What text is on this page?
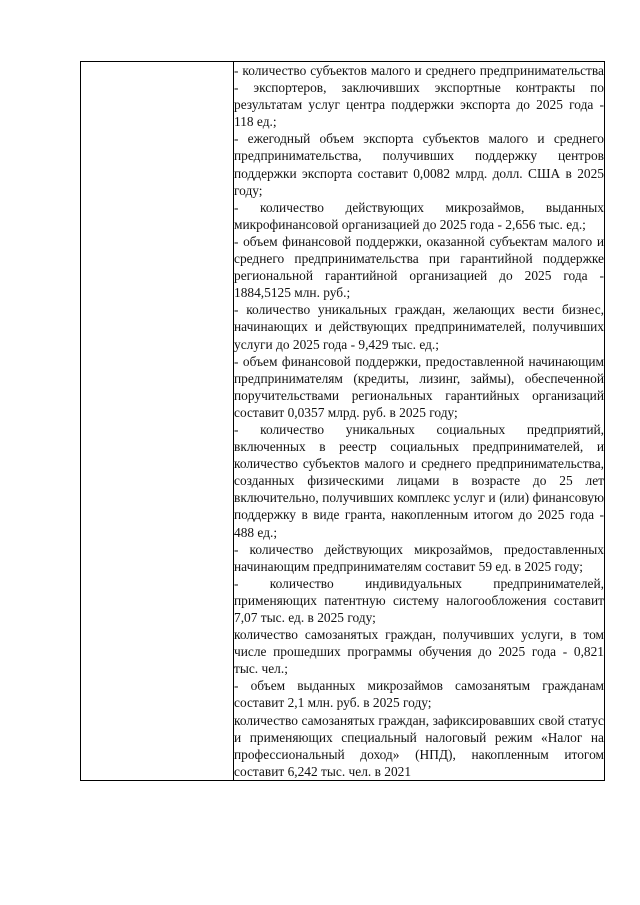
- количество субъектов малого и среднего предпринимательства - экспортеров, заключивших экспортные контракты по результатам услуг центра поддержки экспорта до 2025 года - 118 ед.;

- ежегодный объем экспорта субъектов малого и среднего предпринимательства, получивших поддержку центров поддержки экспорта составит 0,0082 млрд. долл. США в 2025 году;

- количество действующих микрозаймов, выданных микрофинансовой организацией до 2025 года - 2,656 тыс. ед.;

- объем финансовой поддержки, оказанной субъектам малого и среднего предпринимательства при гарантийной поддержке региональной гарантийной организацией до 2025 года - 1884,5125 млн. руб.;

- количество уникальных граждан, желающих вести бизнес, начинающих и действующих предпринимателей, получивших услуги до 2025 года - 9,429 тыс. ед.;

- объем финансовой поддержки, предоставленной начинающим предпринимателям (кредиты, лизинг, займы), обеспеченной поручительствами региональных гарантийных организаций составит 0,0357 млрд. руб. в 2025 году;

- количество уникальных социальных предприятий, включенных в реестр социальных предпринимателей, и количество субъектов малого и среднего предпринимательства, созданных физическими лицами в возрасте до 25 лет включительно, получивших комплекс услуг и (или) финансовую поддержку в виде гранта, накопленным итогом до 2025 года - 488 ед.;

- количество действующих микрозаймов, предоставленных начинающим предпринимателям составит 59 ед. в 2025 году;

- количество индивидуальных предпринимателей, применяющих патентную систему налогообложения составит 7,07 тыс. ед. в 2025 году;

количество самозанятых граждан, получивших услуги, в том числе прошедших программы обучения до 2025 года - 0,821 тыс. чел.;

- объем выданных микрозаймов самозанятым гражданам составит 2,1 млн. руб. в 2025 году;

количество самозанятых граждан, зафиксировавших свой статус и применяющих специальный налоговый режим «Налог на профессиональный доход» (НПД), накопленным итогом составит 6,242 тыс. чел. в 2021
